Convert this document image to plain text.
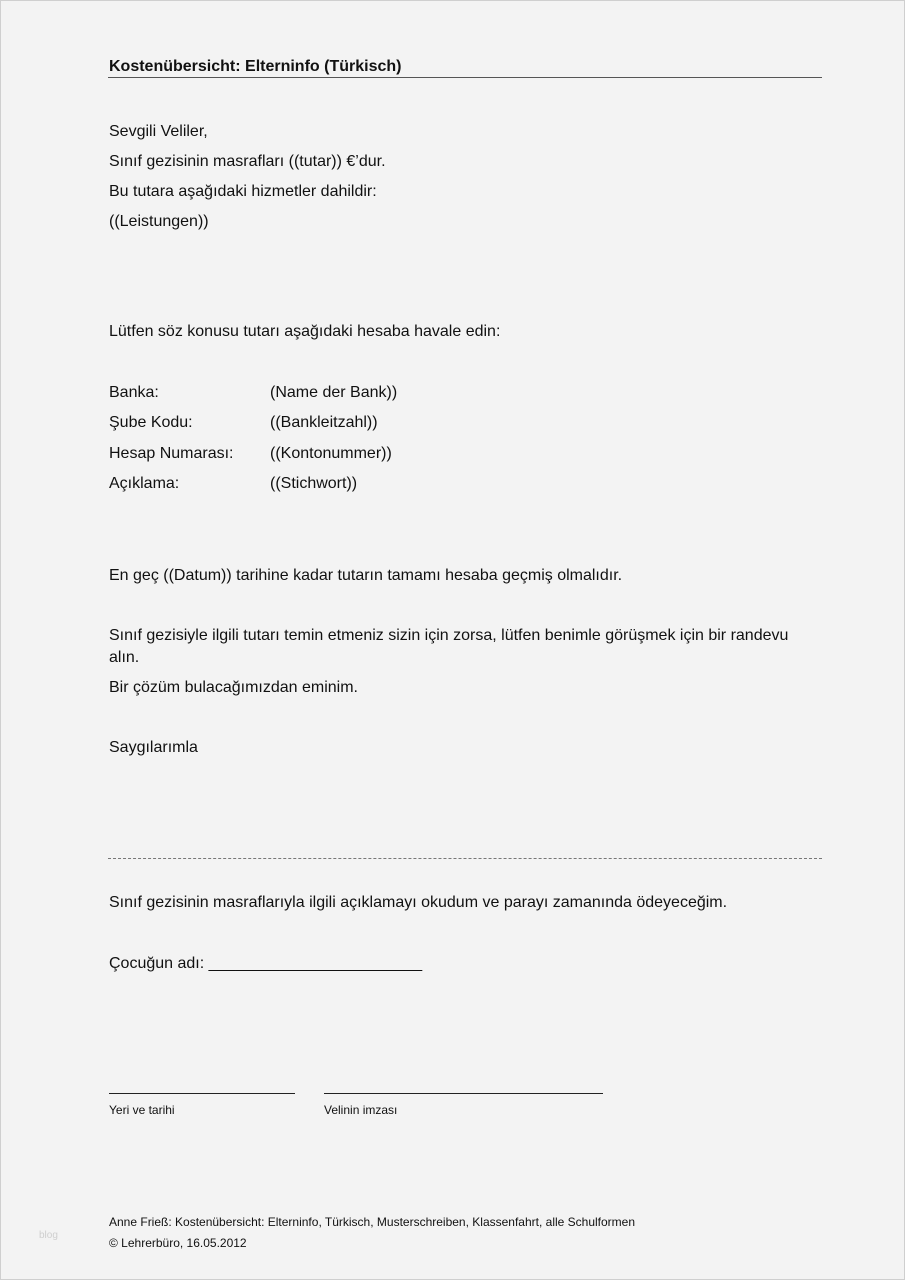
Kostenübersicht: Elterninfo (Türkisch)
Sevgili Veliler,
Sınıf gezisinin masrafları ((tutar)) €’dur.
Bu tutara aşağıdaki hizmetler dahildir:
((Leistungen))
Lütfen söz konusu tutarı aşağıdaki hesaba havale edin:
Banka:	(Name der Bank))
Şube Kodu:	((Bankleitzahl))
Hesap Numarası: ((Kontonummer))
Açıklama:	((Stichwort))
En geç ((Datum)) tarihine kadar tutarın tamamı hesaba geçmiş olmalıdır.
Sınıf gezisiyle ilgili tutarı temin etmeniz sizin için zorsa, lütfen benimle görüşmek için bir randevu
alın.
Bir çözüm bulacağımızdan eminim.
Saygılarımla
Sınıf gezisinin masraflarıyla ilgili açıklamayı okudum ve parayı zamanında ödeyeceğim.
Çocuğun adı: ________________________
Yeri ve tarihi	Velinin imzası
blog
Anne Frieß: Kostenübersicht: Elterninfo, Türkisch, Musterschreiben, Klassenfahrt, alle Schulformen
© Lehrerbüro, 16.05.2012
